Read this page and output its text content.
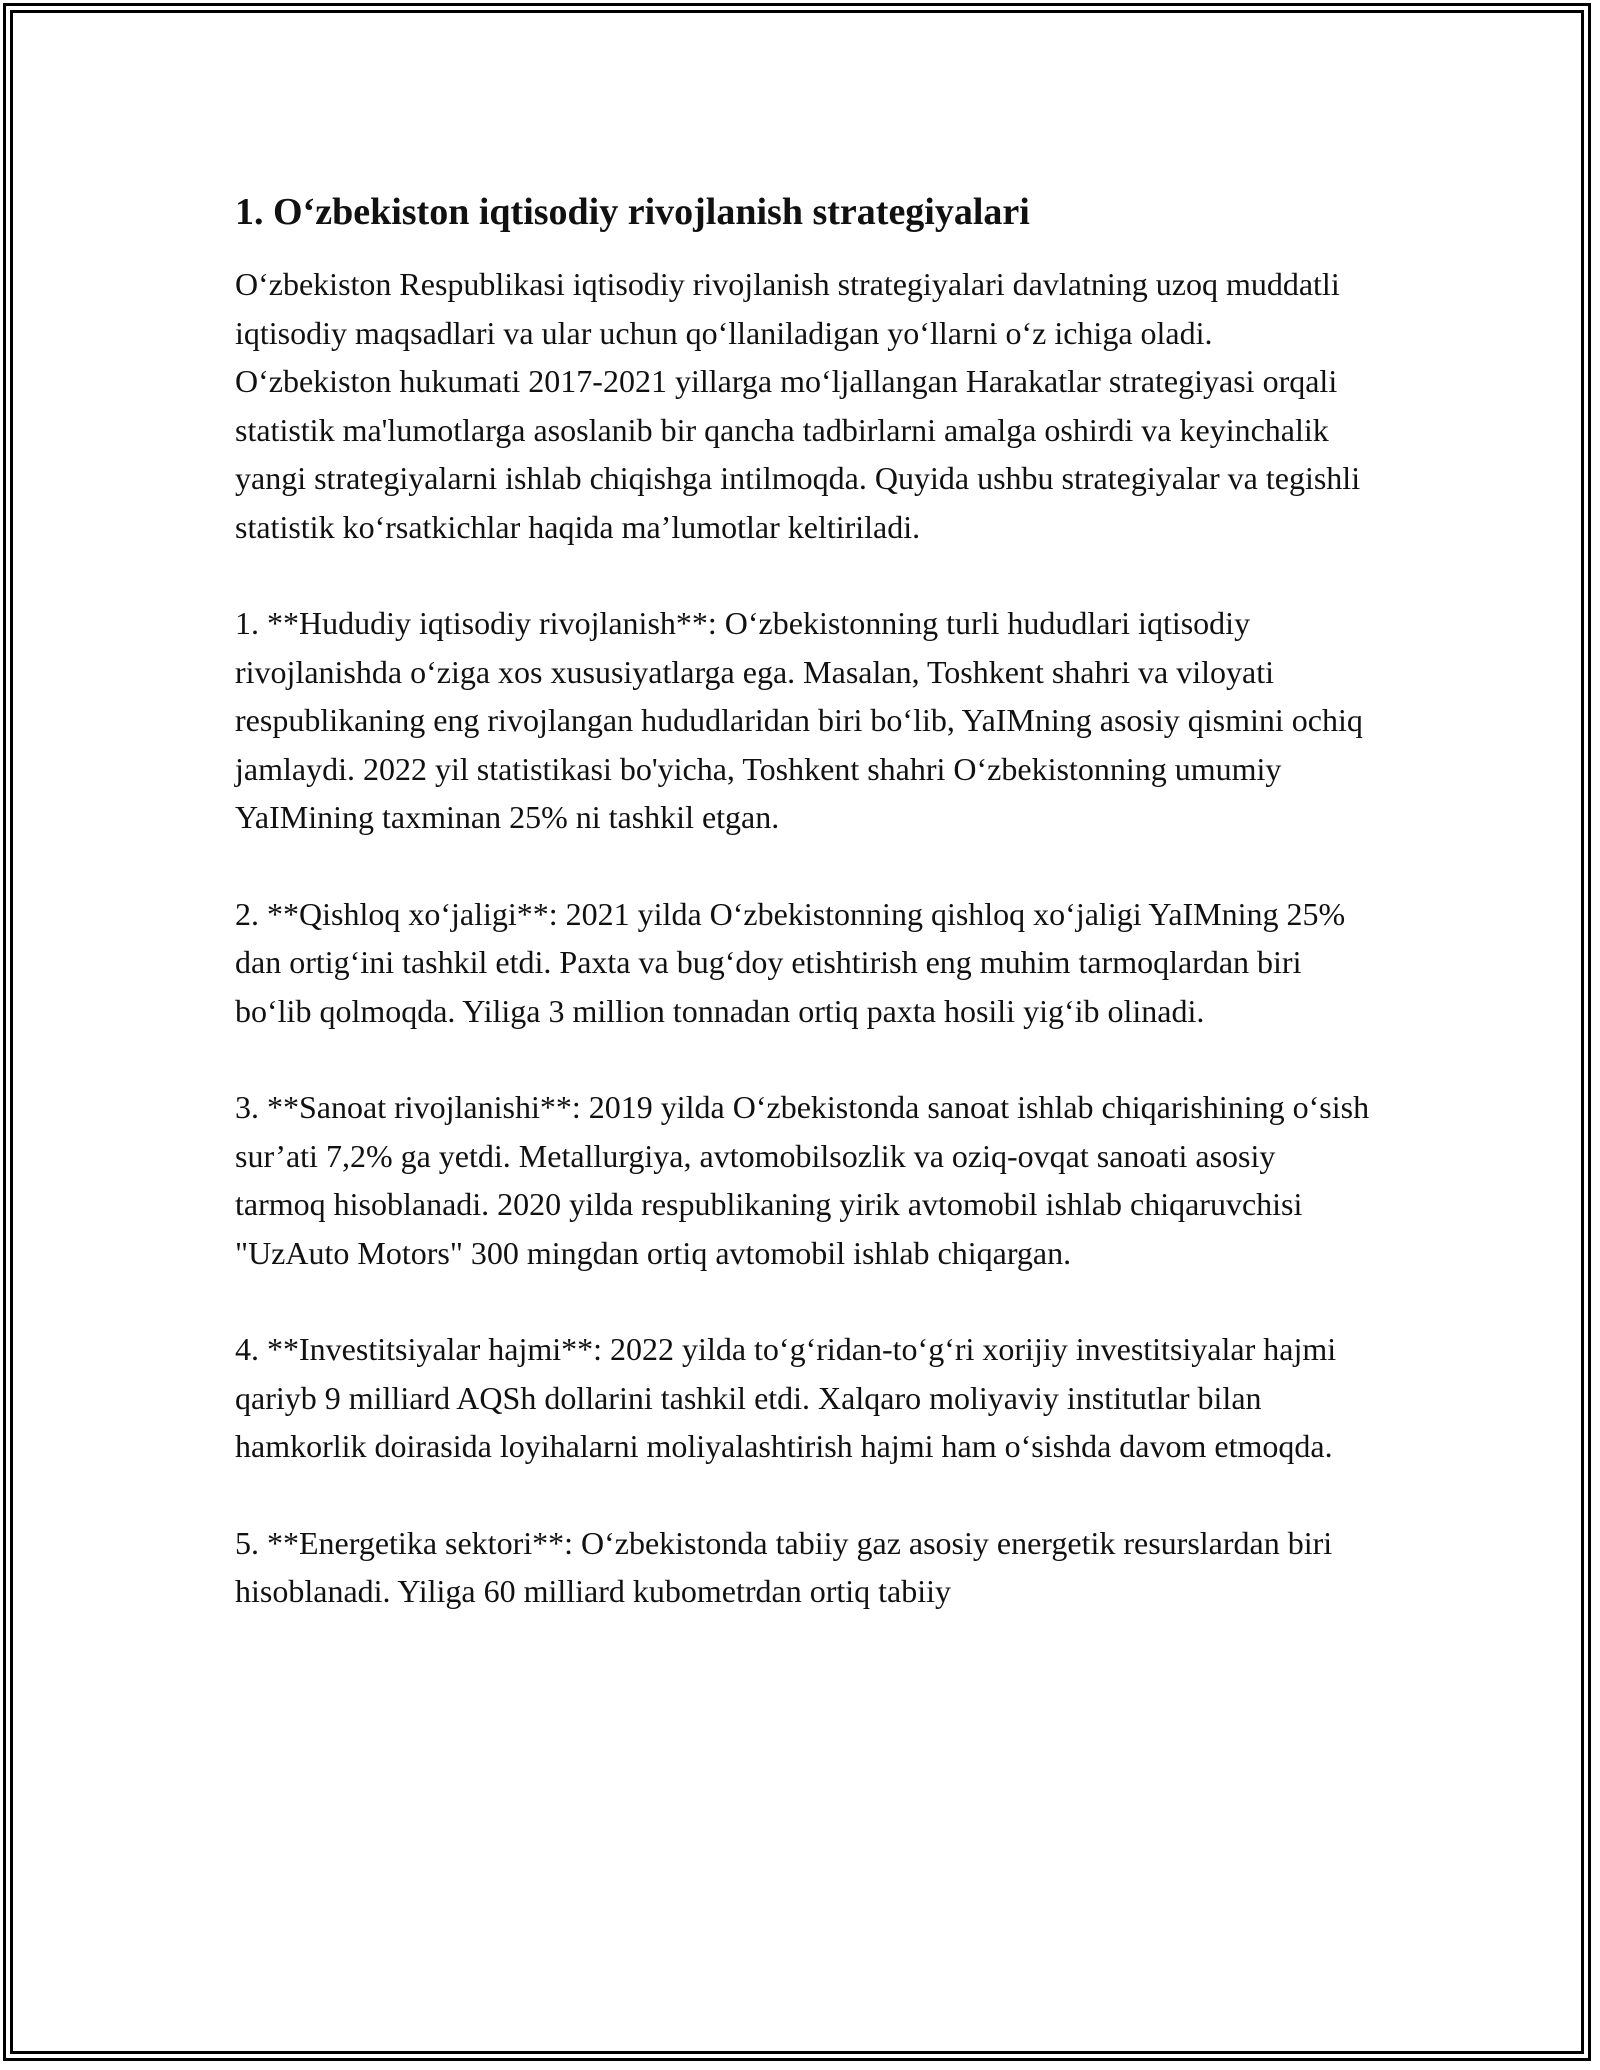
1. O‘zbekiston iqtisodiy rivojlanish strategiyalari

O‘zbekiston Respublikasi iqtisodiy rivojlanish strategiyalari davlatning uzoq muddatli iqtisodiy maqsadlari va ular uchun qo‘llaniladigan yo‘llarni o‘z ichiga oladi. O‘zbekiston hukumati 2017-2021 yillarga mo‘ljallangan Harakatlar strategiyasi orqali statistik ma'lumotlarga asoslanib bir qancha tadbirlarni amalga oshirdi va keyinchalik yangi strategiyalarni ishlab chiqishga intilmoqda. Quyida ushbu strategiyalar va tegishli statistik ko‘rsatkichlar haqida ma’lumotlar keltiriladi.

1. **Hududiy iqtisodiy rivojlanish**: O‘zbekistonning turli hududlari iqtisodiy rivojlanishda o‘ziga xos xususiyatlarga ega. Masalan, Toshkent shahri va viloyati respublikaning eng rivojlangan hududlaridan biri bo‘lib, YaIMning asosiy qismini ochiq jamlaydi. 2022 yil statistikasi bo'yicha, Toshkent shahri O‘zbekistonning umumiy YaIMining taxminan 25% ni tashkil etgan.

2. **Qishloq xo‘jaligi**: 2021 yilda O‘zbekistonning qishloq xo‘jaligi YaIMning 25% dan ortig‘ini tashkil etdi. Paxta va bug‘doy etishtirish eng muhim tarmoqlardan biri bo‘lib qolmoqda. Yiliga 3 million tonnadan ortiq paxta hosili yig‘ib olinadi.

3. **Sanoat rivojlanishi**: 2019 yilda O‘zbekistonda sanoat ishlab chiqarishining o‘sish sur’ati 7,2% ga yetdi. Metallurgiya, avtomobilsozlik va oziq-ovqat sanoati asosiy tarmoq hisoblanadi. 2020 yilda respublikaning yirik avtomobil ishlab chiqaruvchisi "UzAuto Motors" 300 mingdan ortiq avtomobil ishlab chiqargan.

4. **Investitsiyalar hajmi**: 2022 yilda to‘g‘ridan-to‘g‘ri xorijiy investitsiyalar hajmi qariyb 9 milliard AQSh dollarini tashkil etdi. Xalqaro moliyaviy institutlar bilan hamkorlik doirasida loyihalarni moliyalashtirish hajmi ham o‘sishda davom etmoqda.

5. **Energetika sektori**: O‘zbekistonda tabiiy gaz asosiy energetik resurslardan biri hisoblanadi. Yiliga 60 milliard kubometrdan ortiq tabiiy
